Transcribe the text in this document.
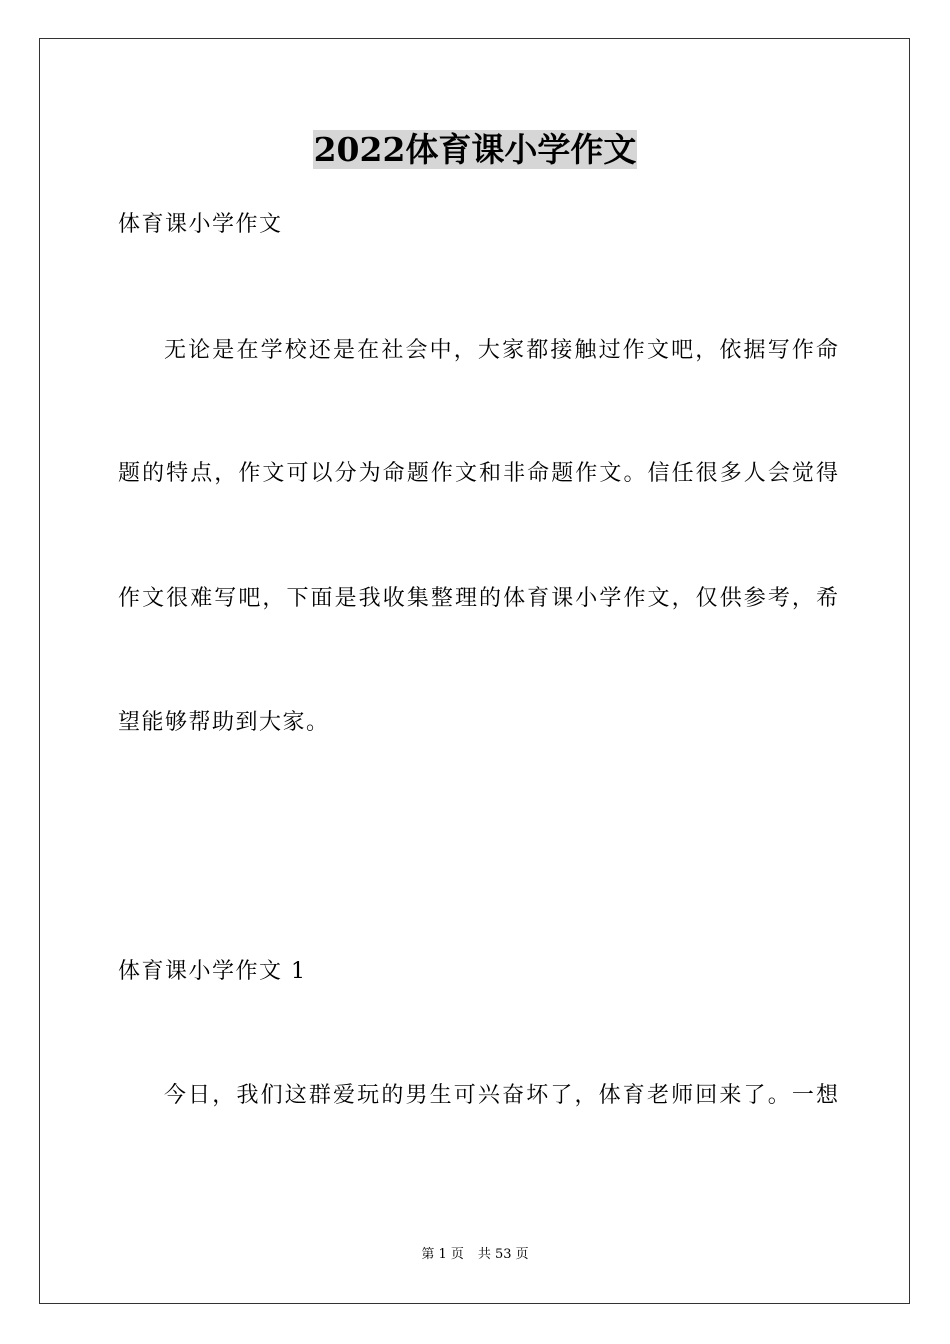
2022体育课小学作文
体育课小学作文
无论是在学校还是在社会中，大家都接触过作文吧，依据写作命
题的特点，作文可以分为命题作文和非命题作文。信任很多人会觉得
作文很难写吧，下面是我收集整理的体育课小学作文，仅供参考，希
望能够帮助到大家。
体育课小学作文 1
今日，我们这群爱玩的男生可兴奋坏了，体育老师回来了。一想
第 1 页 共 53 页
